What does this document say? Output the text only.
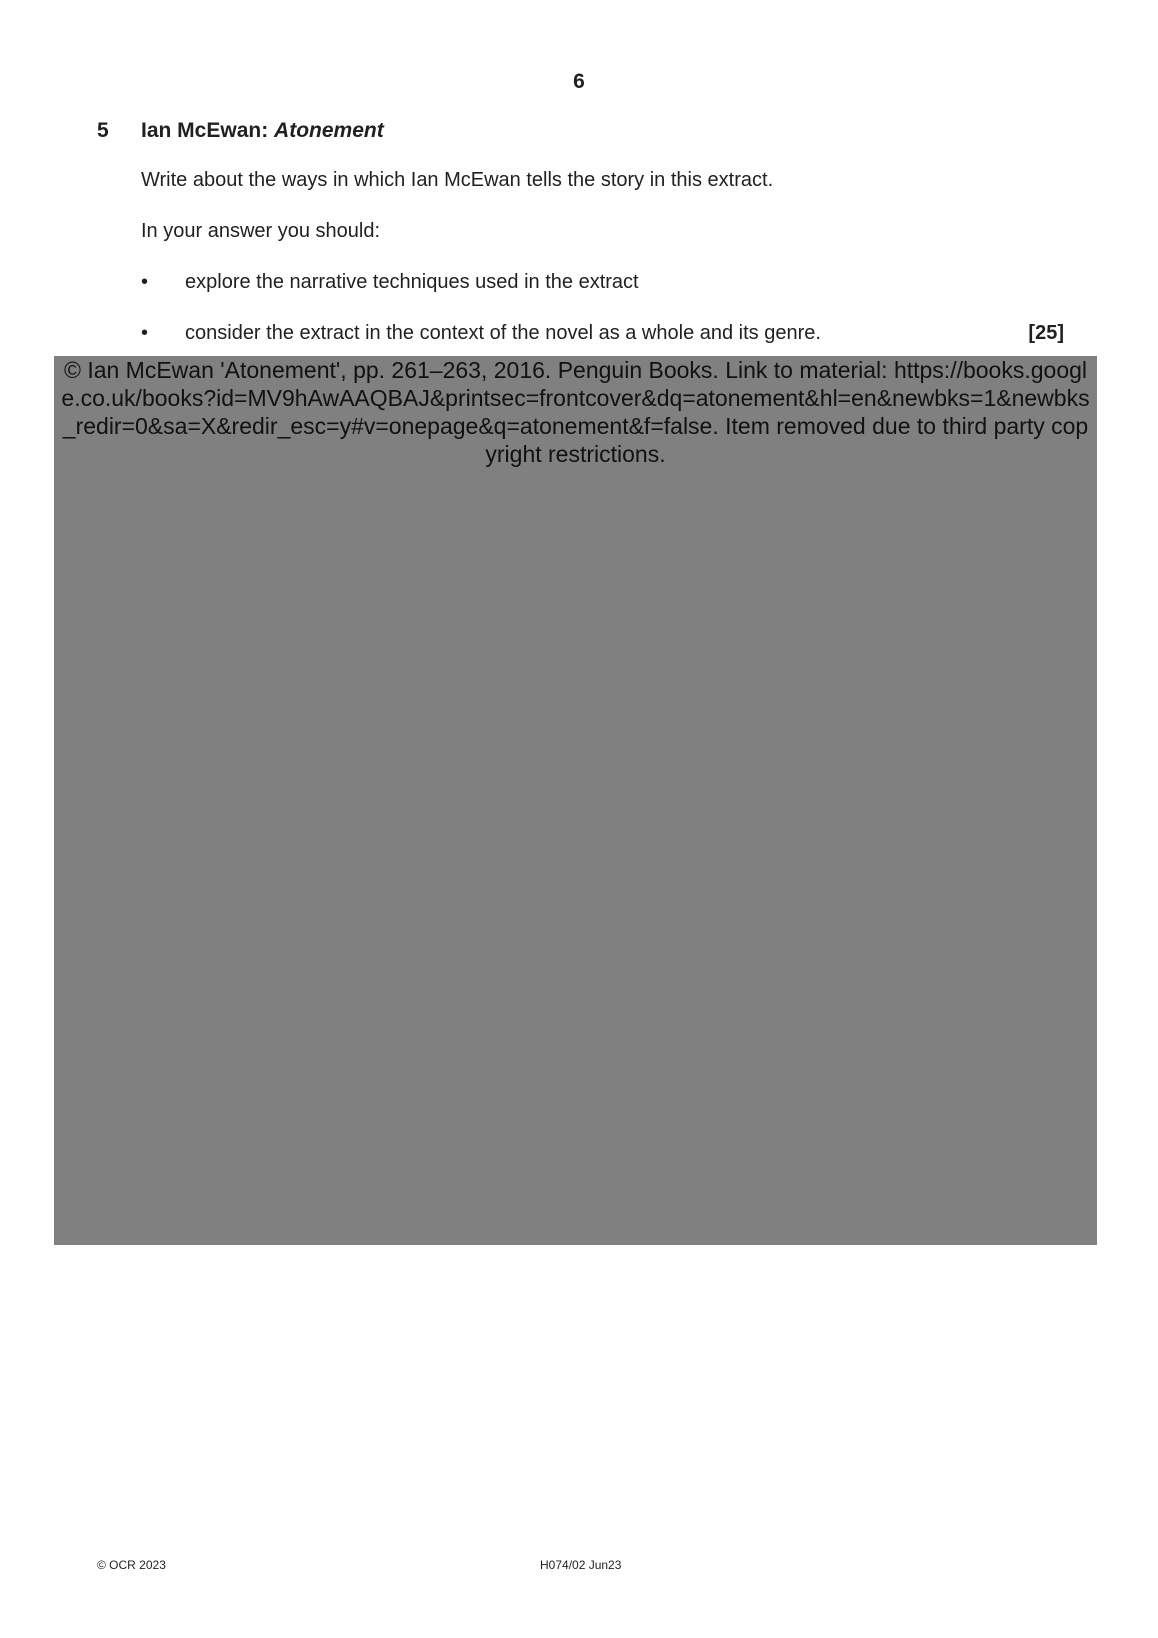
6
5 Ian McEwan: Atonement
Write about the ways in which Ian McEwan tells the story in this extract.
In your answer you should:
• explore the narrative techniques used in the extract
• consider the extract in the context of the novel as a whole and its genre.	[25]

© Ian McEwan 'Atonement', pp. 261–263, 2016. Penguin Books. Link to material: https://books.google.co.uk/books?id=MV9hAwAAQBAJ&printsec=frontcover&dq=atonement&hl=en&newbks=1&newbks_redir=0&sa=X&redir_esc=y#v=onepage&q=atonement&f=false. Item removed due to third party copyright restrictions.

© OCR 2023	H074/02 Jun23
